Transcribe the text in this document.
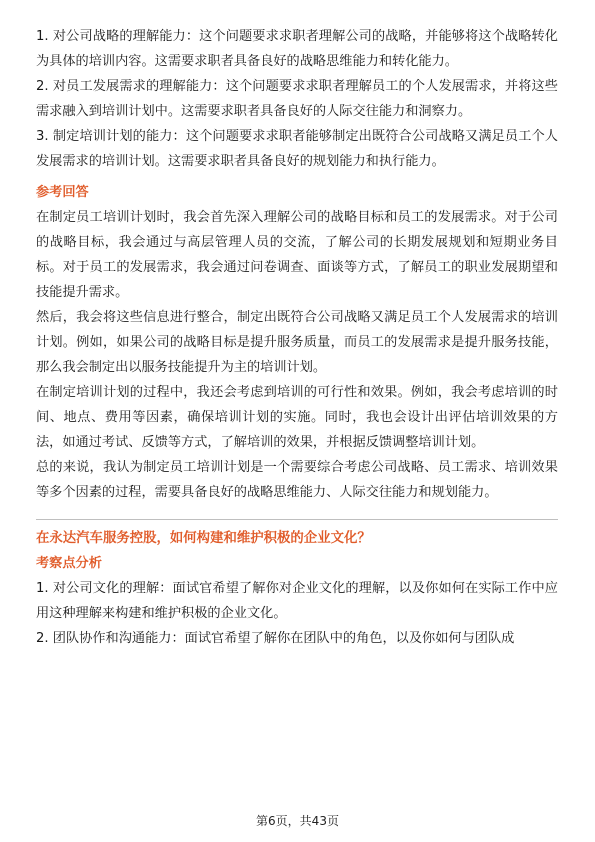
1. 对公司战略的理解能力：这个问题要求求职者理解公司的战略，并能够将这个战略转化为具体的培训内容。这需要求职者具备良好的战略思维能力和转化能力。

2. 对员工发展需求的理解能力：这个问题要求求职者理解员工的个人发展需求，并将这些需求融入到培训计划中。这需要求职者具备良好的人际交往能力和洞察力。

3. 制定培训计划的能力：这个问题要求求职者能够制定出既符合公司战略又满足员工个人发展需求的培训计划。这需要求职者具备良好的规划能力和执行能力。

参考回答

在制定员工培训计划时，我会首先深入理解公司的战略目标和员工的发展需求。对于公司的战略目标，我会通过与高层管理人员的交流，了解公司的长期发展规划和短期业务目标。对于员工的发展需求，我会通过问卷调查、面谈等方式，了解员工的职业发展期望和技能提升需求。

然后，我会将这些信息进行整合，制定出既符合公司战略又满足员工个人发展需求的培训计划。例如，如果公司的战略目标是提升服务质量，而员工的发展需求是提升服务技能，那么我会制定出以服务技能提升为主的培训计划。

在制定培训计划的过程中，我还会考虑到培训的可行性和效果。例如，我会考虑培训的时间、地点、费用等因素，确保培训计划的实施。同时，我也会设计出评估培训效果的方法，如通过考试、反馈等方式，了解培训的效果，并根据反馈调整培训计划。

总的来说，我认为制定员工培训计划是一个需要综合考虑公司战略、员工需求、培训效果等多个因素的过程，需要具备良好的战略思维能力、人际交往能力和规划能力。

在永达汽车服务控股，如何构建和维护积极的企业文化？

考察点分析

1. 对公司文化的理解：面试官希望了解你对企业文化的理解，以及你如何在实际工作中应用这种理解来构建和维护积极的企业文化。

2. 团队协作和沟通能力：面试官希望了解你在团队中的角色，以及你如何与团队成

第6页，共43页
